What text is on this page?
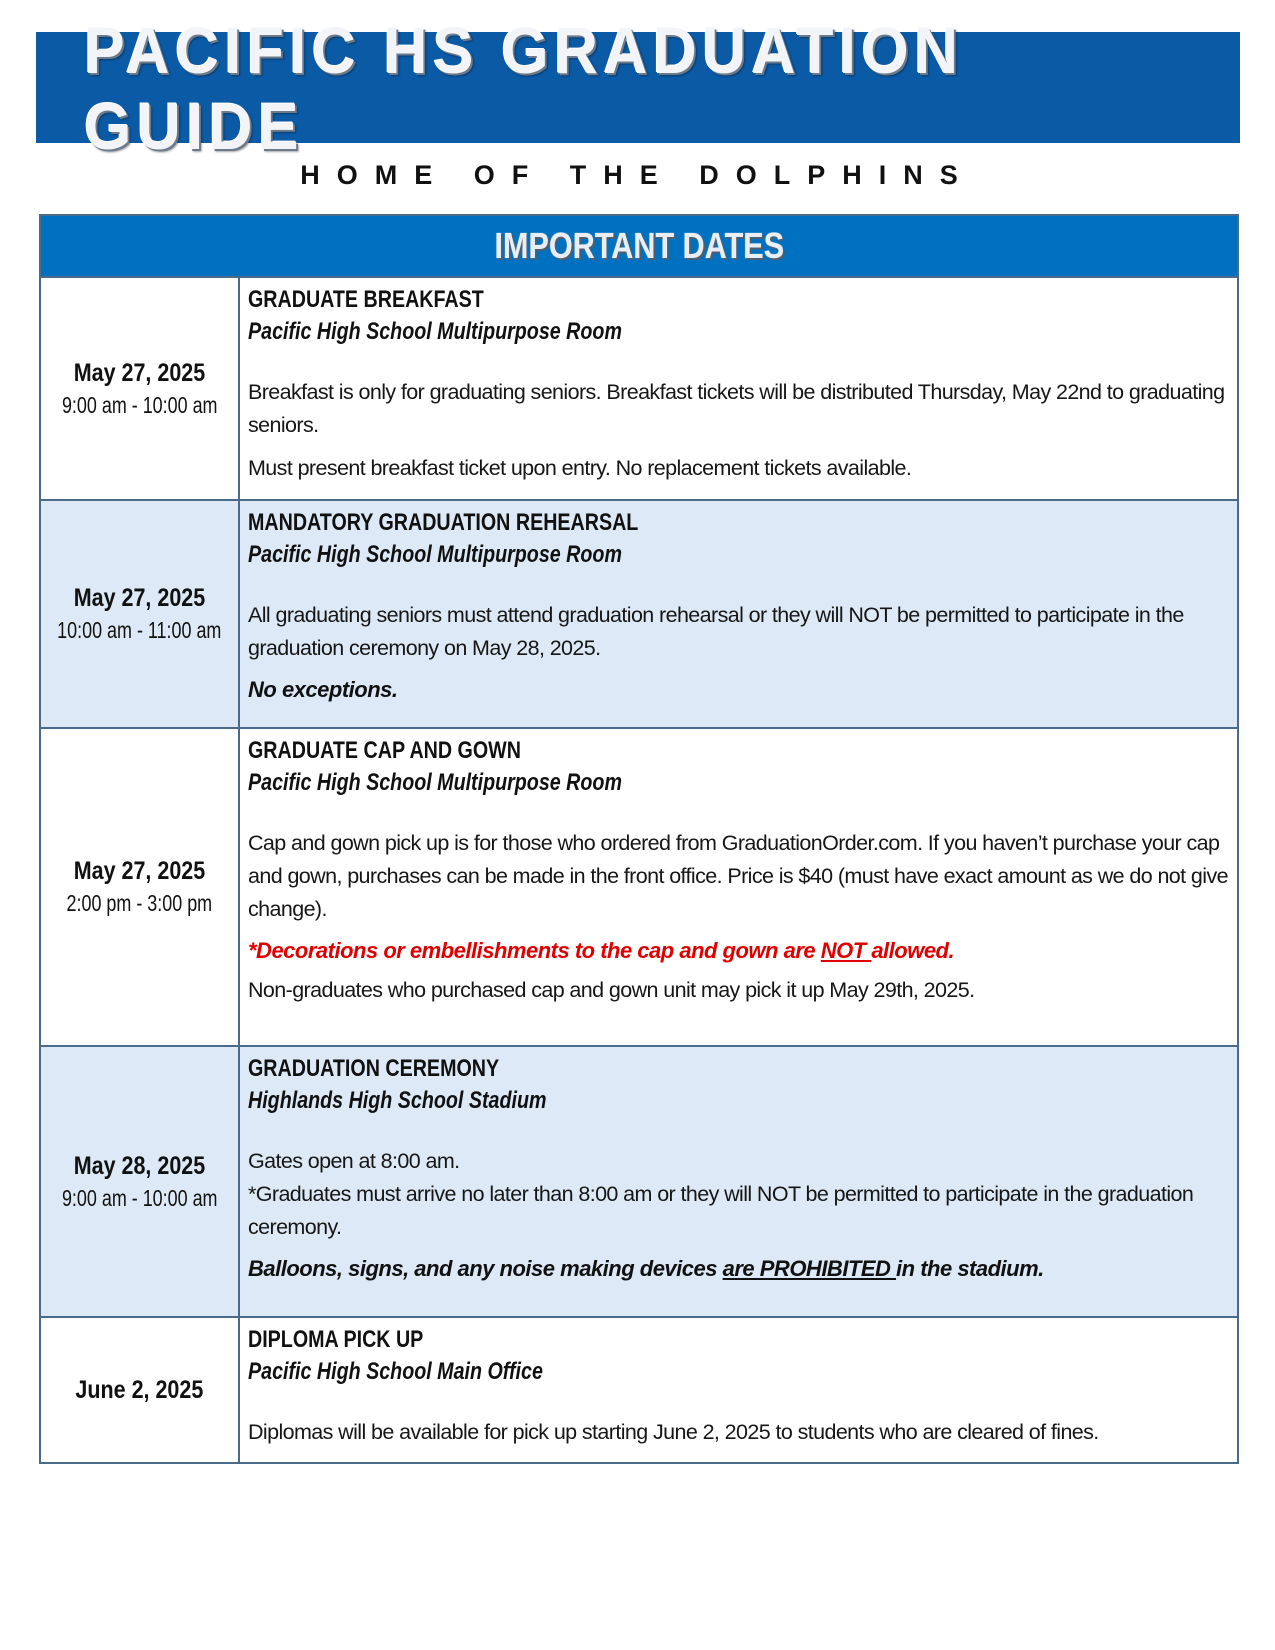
PACIFIC HS GRADUATION GUIDE
HOME OF THE DOLPHINS
IMPORTANT DATES
May 27, 2025
9:00 am - 10:00 am
GRADUATE BREAKFAST
Pacific High School Multipurpose Room

Breakfast is only for graduating seniors. Breakfast tickets will be distributed Thursday, May 22nd to graduating seniors.

Must present breakfast ticket upon entry. No replacement tickets available.

May 27, 2025
10:00 am - 11:00 am
MANDATORY GRADUATION REHEARSAL
Pacific High School Multipurpose Room

All graduating seniors must attend graduation rehearsal or they will NOT be permitted to participate in the graduation ceremony on May 28, 2025.

No exceptions.
May 27, 2025
2:00 pm - 3:00 pm
GRADUATE CAP AND GOWN
Pacific High School Multipurpose Room

Cap and gown pick up is for those who ordered from GraduationOrder.com. If you haven’t purchase your cap and gown, purchases can be made in the front office. Price is $40 (must have exact amount as we do not give change).

*Decorations or embellishments to the cap and gown are NOT allowed.

Non-graduates who purchased cap and gown unit may pick it up May 29th, 2025.

May 28, 2025
9:00 am - 10:00 am
GRADUATION CEREMONY
Highlands High School Stadium

Gates open at 8:00 am.

*Graduates must arrive no later than 8:00 am or they will NOT be permitted to participate in the graduation ceremony.

Balloons, signs, and any noise making devices are PROHIBITED in the stadium.
June 2, 2025
DIPLOMA PICK UP
Pacific High School Main Office

Diplomas will be available for pick up starting June 2, 2025 to students who are cleared of fines.
